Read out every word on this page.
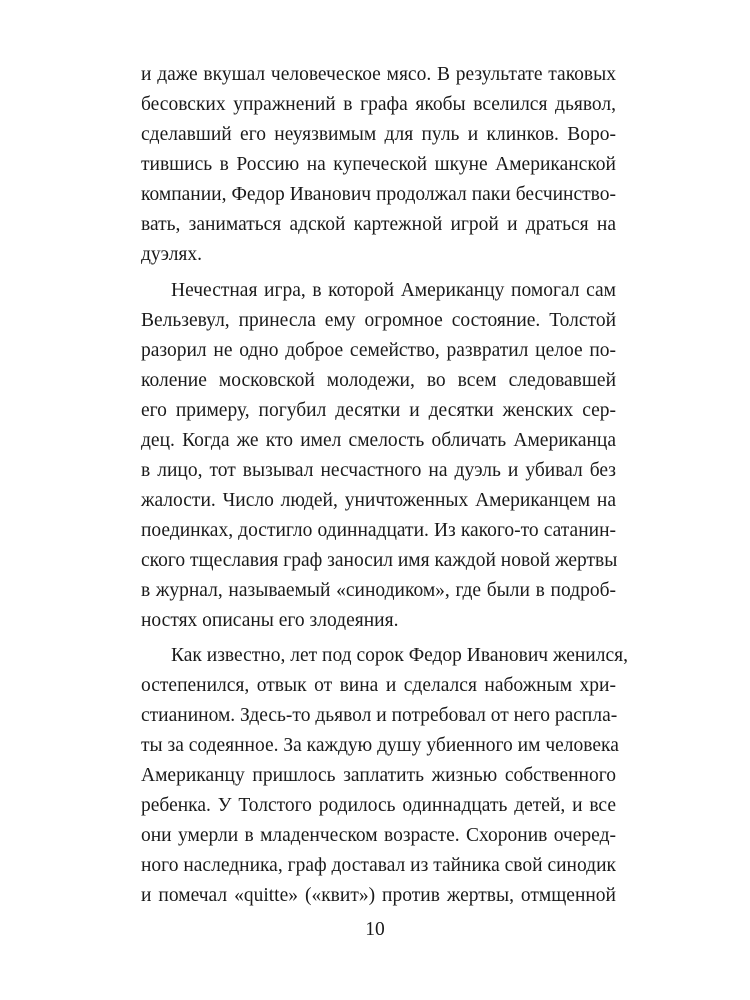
и даже вкушал человеческое мясо. В результате таковых
бесовских упражнений в графа якобы вселился дьявол,
сделавший его неуязвимым для пуль и клинков. Воро-
тившись в Россию на купеческой шкуне Американской
компании, Федор Иванович продолжал паки бесчинство-
вать, заниматься адской картежной игрой и драться на
дуэлях.
Нечестная игра, в которой Американцу помогал сам
Вельзевул, принесла ему огромное состояние. Толстой
разорил не одно доброе семейство, развратил целое по-
коление московской молодежи, во всем следовавшей
его примеру, погубил десятки и десятки женских сер-
дец. Когда же кто имел смелость обличать Американца
в лицо, тот вызывал несчастного на дуэль и убивал без
жалости. Число людей, уничтоженных Американцем на
поединках, достигло одиннадцати. Из какого-то сатанин-
ского тщеславия граф заносил имя каждой новой жертвы
в журнал, называемый «синодиком», где были в подроб-
ностях описаны его злодеяния.
Как известно, лет под сорок Федор Иванович женился,
остепенился, отвык от вина и сделался набожным хри-
стианином. Здесь-то дьявол и потребовал от него распла-
ты за содеянное. За каждую душу убиенного им человека
Американцу пришлось заплатить жизнью собственного
ребенка. У Толстого родилось одиннадцать детей, и все
они умерли в младенческом возрасте. Схоронив очеред-
ного наследника, граф доставал из тайника свой синодик
и помечал «quitte» («квит») против жертвы, отмщенной
10
